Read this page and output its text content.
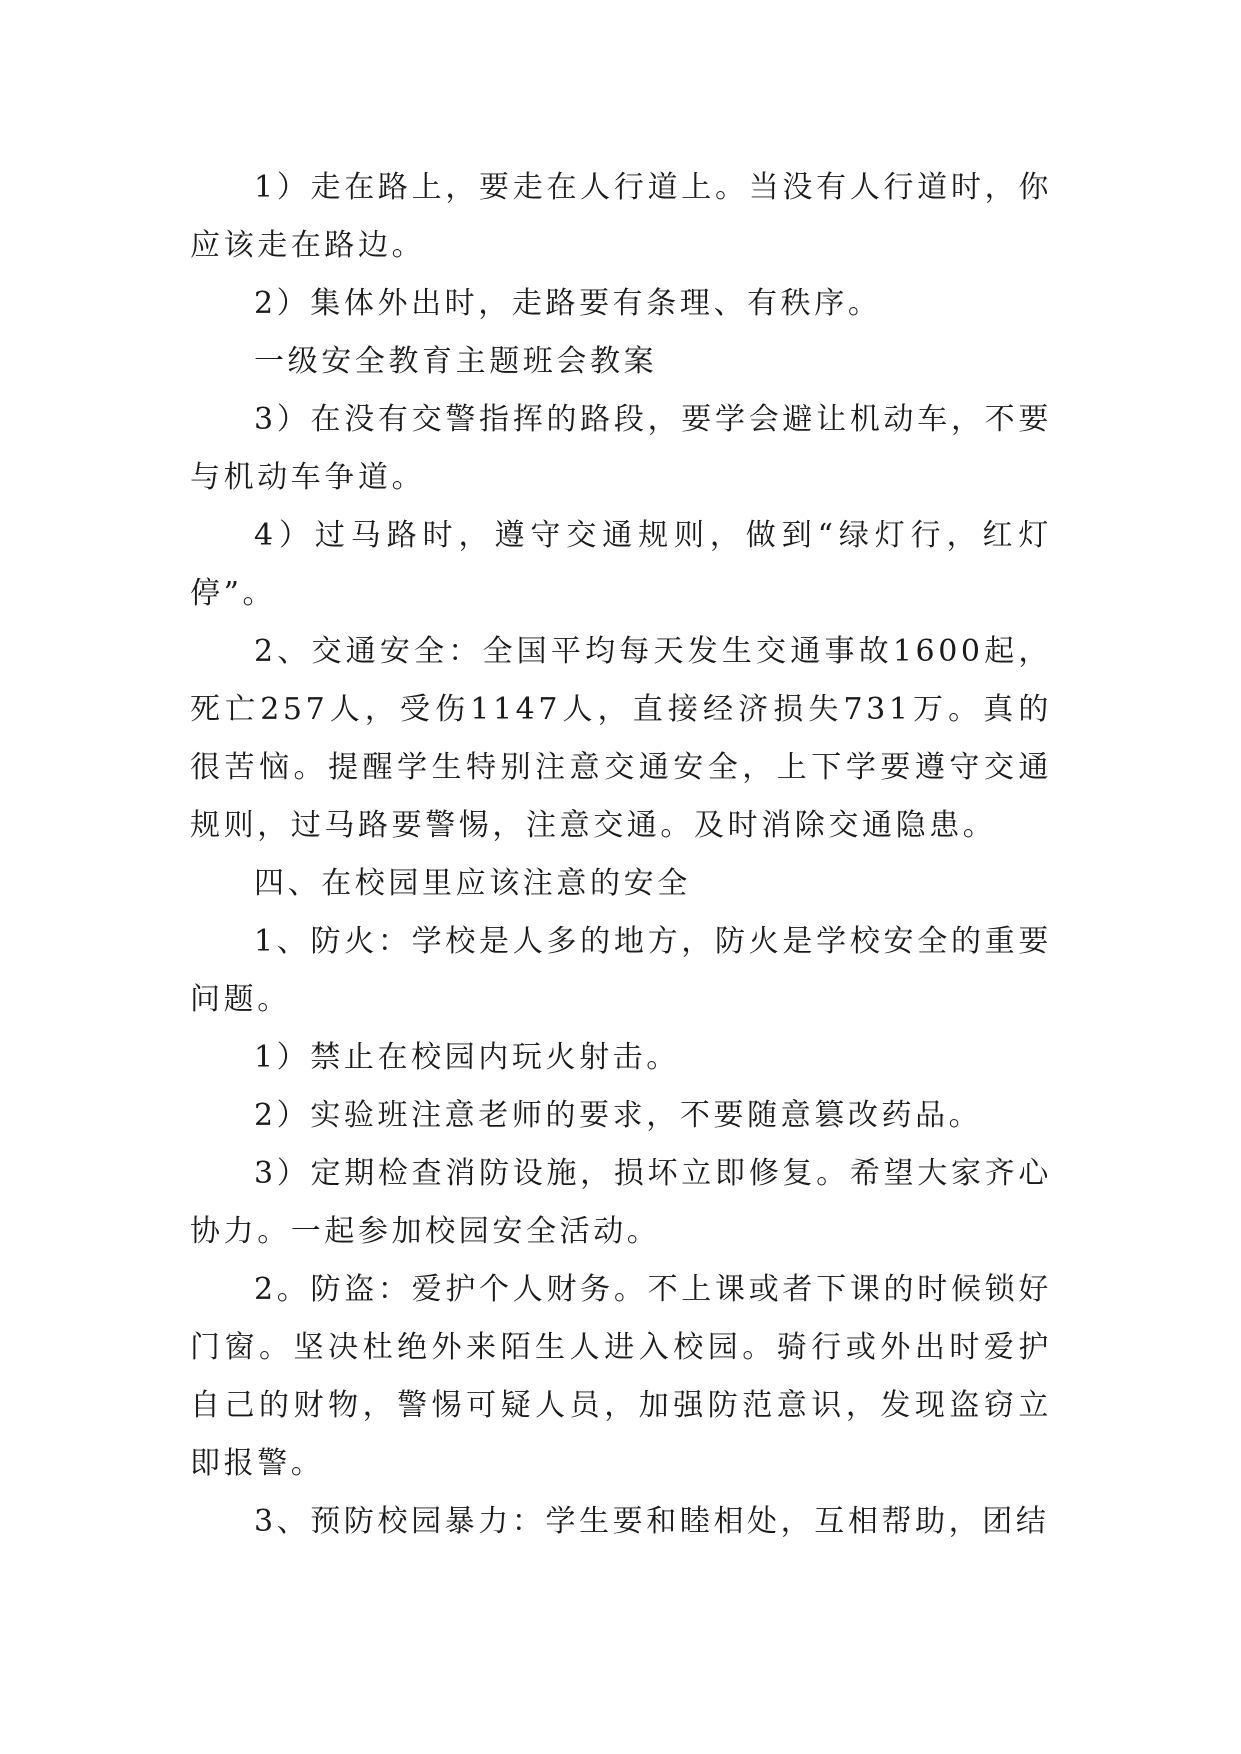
1）走在路上，要走在人行道上。当没有人行道时，你应该走在路边。

2）集体外出时，走路要有条理、有秩序。

一级安全教育主题班会教案

3）在没有交警指挥的路段，要学会避让机动车，不要与机动车争道。

4）过马路时，遵守交通规则，做到“绿灯行，红灯停”。

2、交通安全：全国平均每天发生交通事故1600起，死亡257人，受伤1147人，直接经济损失731万。真的很苦恼。提醒学生特别注意交通安全，上下学要遵守交通规则，过马路要警惕，注意交通。及时消除交通隐患。

四、在校园里应该注意的安全

1、防火：学校是人多的地方，防火是学校安全的重要问题。

1）禁止在校园内玩火射击。

2）实验班注意老师的要求，不要随意篡改药品。

3）定期检查消防设施，损坏立即修复。希望大家齐心协力。一起参加校园安全活动。

2。防盗：爱护个人财务。不上课或者下课的时候锁好门窗。坚决杜绝外来陌生人进入校园。骑行或外出时爱护自己的财物，警惕可疑人员，加强防范意识，发现盗窃立即报警。

3、预防校园暴力：学生要和睦相处，互相帮助，团结
